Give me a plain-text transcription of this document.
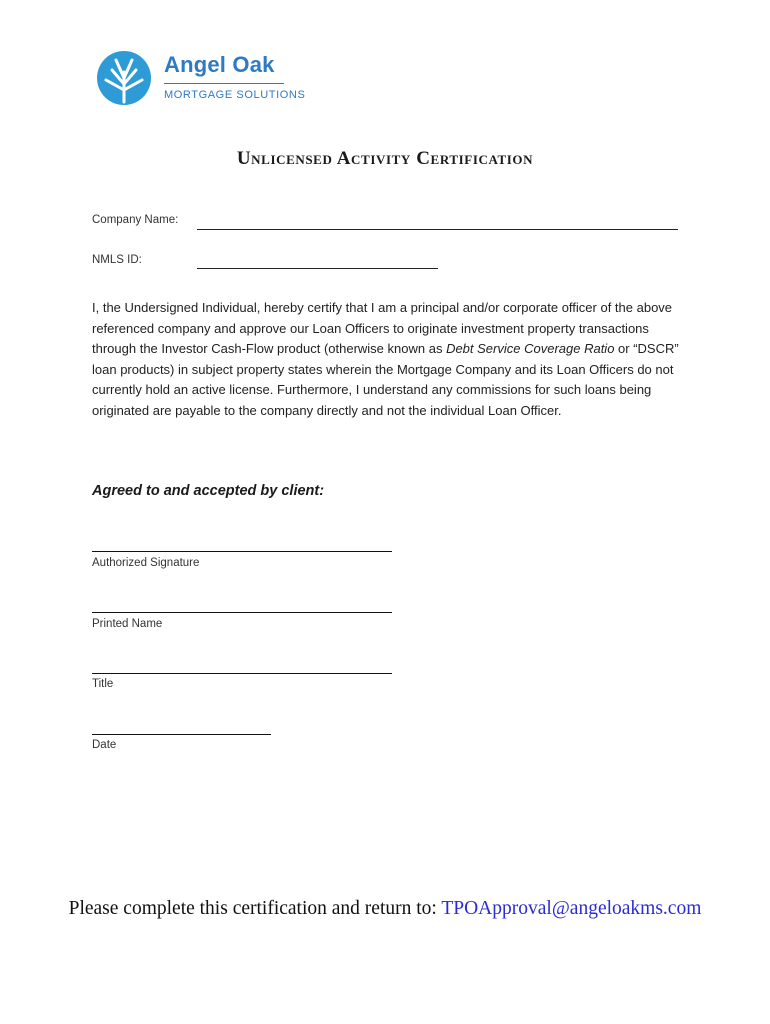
Angel Oak
MORTGAGE SOLUTIONS
Unlicensed Activity Certification
Company Name:
NMLS ID:
I, the Undersigned Individual, hereby certify that I am a principal and/or corporate officer of the above referenced company and approve our Loan Officers to originate investment property transactions through the Investor Cash-Flow product (otherwise known as Debt Service Coverage Ratio or “DSCR” loan products) in subject property states wherein the Mortgage Company and its Loan Officers do not currently hold an active license. Furthermore, I understand any commissions for such loans being originated are payable to the company directly and not the individual Loan Officer.
Agreed to and accepted by client:
Authorized Signature
Printed Name
Title
Date
Please complete this certification and return to: TPOApproval@angeloakms.com
